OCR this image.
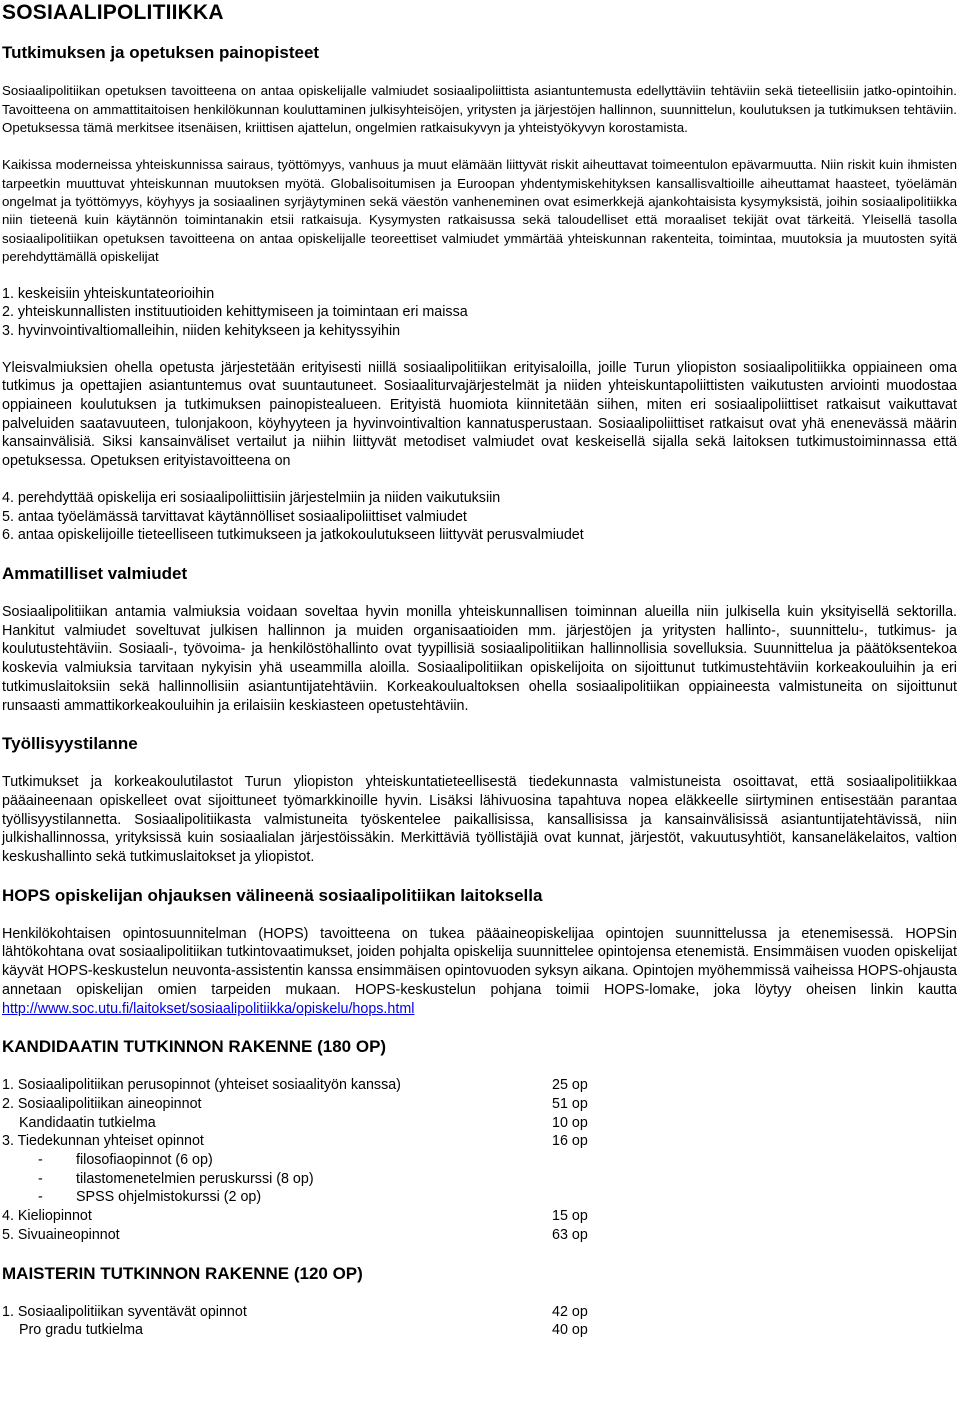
SOSIAALIPOLITIIKKA
Tutkimuksen ja opetuksen painopisteet

Sosiaalipolitiikan opetuksen tavoitteena on antaa opiskelijalle valmiudet sosiaalipoliittista asiantuntemusta edellyttäviin tehtäviin sekä tieteellisiin jatko-opintoihin. Tavoitteena on ammattitaitoisen henkilökunnan kouluttaminen julkisyhteisöjen, yritysten ja järjestöjen hallinnon, suunnittelun, koulutuksen ja tutkimuksen tehtäviin. Opetuksessa tämä merkitsee itsenäisen, kriittisen ajattelun, ongelmien ratkaisukyvyn ja yhteistyökyvyn korostamista.

Kaikissa moderneissa yhteiskunnissa sairaus, työttömyys, vanhuus ja muut elämään liittyvät riskit aiheuttavat toimeentulon epävarmuutta. Niin riskit kuin ihmisten tarpeetkin muuttuvat yhteiskunnan muutoksen myötä. Globalisoitumisen ja Euroopan yhdentymiskehityksen kansallisvaltioille aiheuttamat haasteet, työelämän ongelmat ja työttömyys, köyhyys ja sosiaalinen syrjäytyminen sekä väestön vanheneminen ovat esimerkkejä ajankohtaisista kysymyksistä, joihin sosiaalipolitiikka niin tieteenä kuin käytännön toimintanakin etsii ratkaisuja. Kysymysten ratkaisussa sekä taloudelliset että moraaliset tekijät ovat tärkeitä. Yleisellä tasolla sosiaalipolitiikan opetuksen tavoitteena on antaa opiskelijalle teoreettiset valmiudet ymmärtää yhteiskunnan rakenteita, toimintaa, muutoksia ja muutosten syitä perehdyttämällä opiskelijat

1. keskeisiin yhteiskuntateorioihin
2. yhteiskunnallisten instituutioiden kehittymiseen ja toimintaan eri maissa
3. hyvinvointivaltiomalleihin, niiden kehitykseen ja kehityssyihin

Yleisvalmiuksien ohella opetusta järjestetään erityisesti niillä sosiaalipolitiikan erityisaloilla, joille Turun yliopiston sosiaalipolitiikka oppiaineen oma tutkimus ja opettajien asiantuntemus ovat suuntautuneet. Sosiaaliturvajärjestelmät ja niiden yhteiskuntapoliittisten vaikutusten arviointi muodostaa oppiaineen koulutuksen ja tutkimuksen painopistealueen. Erityistä huomiota kiinnitetään siihen, miten eri sosiaalipoliittiset ratkaisut vaikuttavat palveluiden saatavuuteen, tulonjakoon, köyhyyteen ja hyvinvointivaltion kannatusperustaan. Sosiaalipoliittiset ratkaisut ovat yhä enenevässä määrin kansainvälisiä. Siksi kansainväliset vertailut ja niihin liittyvät metodiset valmiudet ovat keskeisellä sijalla sekä laitoksen tutkimustoiminnassa että opetuksessa. Opetuksen erityistavoitteena on

4. perehdyttää opiskelija eri sosiaalipoliittisiin järjestelmiin ja niiden vaikutuksiin
5. antaa työelämässä tarvittavat käytännölliset sosiaalipoliittiset valmiudet
6. antaa opiskelijoille tieteelliseen tutkimukseen ja jatkokoulutukseen liittyvät perusvalmiudet
Ammatilliset valmiudet

Sosiaalipolitiikan antamia valmiuksia voidaan soveltaa hyvin monilla yhteiskunnallisen toiminnan alueilla niin julkisella kuin yksityisellä sektorilla. Hankitut valmiudet soveltuvat julkisen hallinnon ja muiden organisaatioiden mm. järjestöjen ja yritysten hallinto-, suunnittelu-, tutkimus- ja koulutustehtäviin. Sosiaali-, työvoima- ja henkilöstöhallinto ovat tyypillisiä sosiaalipolitiikan hallinnollisia sovelluksia. Suunnittelua ja päätöksentekoa koskevia valmiuksia tarvitaan nykyisin yhä useammilla aloilla. Sosiaalipolitiikan opiskelijoita on sijoittunut tutkimustehtäviin korkeakouluihin ja eri tutkimuslaitoksiin sekä hallinnollisiin asiantuntijatehtäviin. Korkeakoulualtoksen ohella sosiaalipolitiikan oppiaineesta valmistuneita on sijoittunut runsaasti ammattikorkeakouluihin ja erilaisiin keskiasteen opetustehtäviin.

Työllisyystilanne

Tutkimukset ja korkeakoulutilastot Turun yliopiston yhteiskuntatieteellisestä tiedekunnasta valmistuneista osoittavat, että sosiaalipolitiikkaa pääaineenaan opiskelleet ovat sijoittuneet työmarkkinoille hyvin. Lisäksi lähivuosina tapahtuva nopea eläkkeelle siirtyminen entisestään parantaa työllisyystilannetta. Sosiaalipolitiikasta valmistuneita työskentelee paikallisissa, kansallisissa ja kansainvälisissä asiantuntijatehtävissä, niin julkishallinnossa, yrityksissä kuin sosiaalialan järjestöissäkin. Merkittäviä työllistäjiä ovat kunnat, järjestöt, vakuutusyhtiöt, kansaneläkelaitos, valtion keskushallinto sekä tutkimuslaitokset ja yliopistot.

HOPS opiskelijan ohjauksen välineenä sosiaalipolitiikan laitoksella

Henkilökohtaisen opintosuunnitelman (HOPS) tavoitteena on tukea pääaineopiskelijaa opintojen suunnittelussa ja etenemisessä. HOPSin lähtökohtana ovat sosiaalipolitiikan tutkintovaatimukset, joiden pohjalta opiskelija suunnittelee opintojensa etenemistä. Ensimmäisen vuoden opiskelijat käyvät HOPS-keskustelun neuvonta-assistentin kanssa ensimmäisen opintovuoden syksyn aikana. Opintojen myöhemmissä vaiheissa HOPS-ohjausta annetaan opiskelijan omien tarpeiden mukaan. HOPS-keskustelun pohjana toimii HOPS-lomake, joka löytyy oheisen linkin kautta http://www.soc.utu.fi/laitokset/sosiaalipolitiikka/opiskelu/hops.html

KANDIDAATIN TUTKINNON RAKENNE (180 OP)
1. Sosiaalipolitiikan perusopinnot (yhteiset sosiaalityön kanssa)	25 op
2. Sosiaalipolitiikan aineopinnot	51 op
Kandidaatin tutkielma	10 op
3. Tiedekunnan yhteiset opinnot	16 op
- filosofiaopinnot (6 op)	
- tilastomenetelmien peruskurssi (8 op)	
- SPSS ohjelmistokurssi (2 op)	
4. Kieliopinnot	15 op
5. Sivuaineopinnot	63 op
MAISTERIN TUTKINNON RAKENNE (120 OP)
1. Sosiaalipolitiikan syventävät opinnot	42 op
Pro gradu tutkielma	40 op
